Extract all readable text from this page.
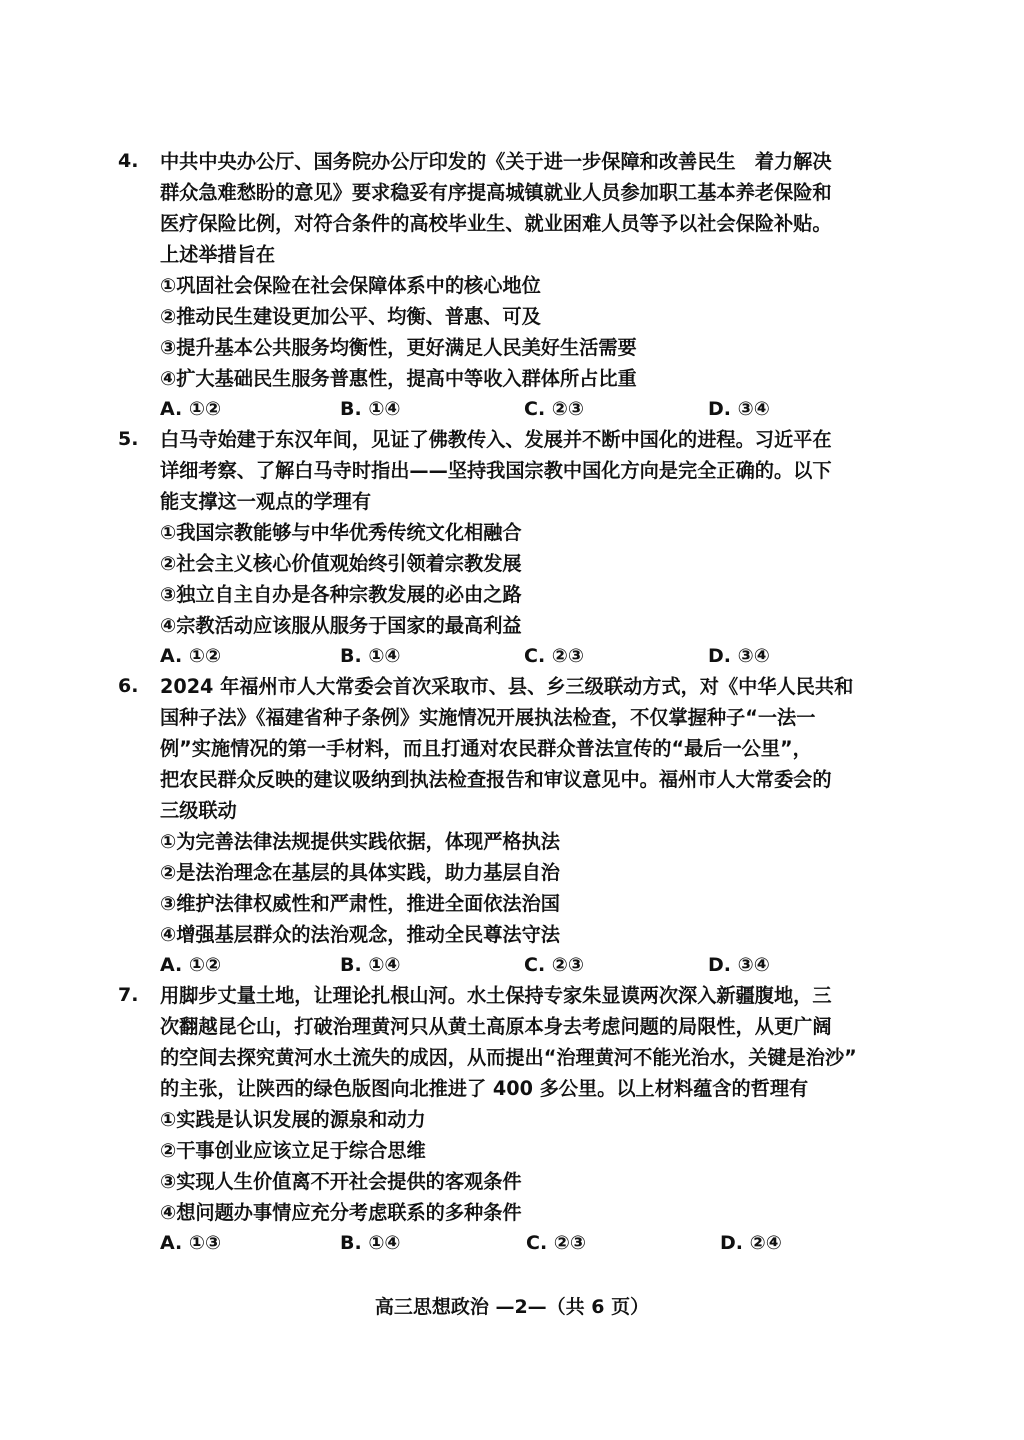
4. 中共中央办公厅、国务院办公厅印发的《关于进一步保障和改善民生　着力解决

群众急难愁盼的意见》要求稳妥有序提高城镇就业人员参加职工基本养老保险和

医疗保险比例，对符合条件的高校毕业生、就业困难人员等予以社会保险补贴。

上述举措旨在

①巩固社会保险在社会保障体系中的核心地位

②推动民生建设更加公平、均衡、普惠、可及

③提升基本公共服务均衡性，更好满足人民美好生活需要

④扩大基础民生服务普惠性，提高中等收入群体所占比重

A. ①②	B. ①④	C. ②③	D. ③④
5. 白马寺始建于东汉年间，见证了佛教传入、发展并不断中国化的进程。习近平在

详细考察、了解白马寺时指出——坚持我国宗教中国化方向是完全正确的。以下

能支撑这一观点的学理有

①我国宗教能够与中华优秀传统文化相融合

②社会主义核心价值观始终引领着宗教发展

③独立自主自办是各种宗教发展的必由之路

④宗教活动应该服从服务于国家的最高利益

A. ①②	B. ①④	C. ②③	D. ③④
6. 2024 年福州市人大常委会首次采取市、县、乡三级联动方式，对《中华人民共和

国种子法》《福建省种子条例》实施情况开展执法检查，不仅掌握种子“一法一

例”实施情况的第一手材料，而且打通对农民群众普法宣传的“最后一公里”，

把农民群众反映的建议吸纳到执法检查报告和审议意见中。福州市人大常委会的

三级联动

①为完善法律法规提供实践依据，体现严格执法

②是法治理念在基层的具体实践，助力基层自治

③维护法律权威性和严肃性，推进全面依法治国

④增强基层群众的法治观念，推动全民尊法守法

A. ①②	B. ①④	C. ②③	D. ③④
7. 用脚步丈量土地，让理论扎根山河。水土保持专家朱显谟两次深入新疆腹地，三

次翻越昆仑山，打破治理黄河只从黄土高原本身去考虑问题的局限性，从更广阔

的空间去探究黄河水土流失的成因，从而提出“治理黄河不能光治水，关键是治沙”

的主张，让陕西的绿色版图向北推进了 400 多公里。以上材料蕴含的哲理有

①实践是认识发展的源泉和动力

②干事创业应该立足于综合思维

③实现人生价值离不开社会提供的客观条件

④想问题办事情应充分考虑联系的多种条件

A. ①③	B. ①④	C. ②③	D. ②④
高三思想政治 —2—（共 6 页）
